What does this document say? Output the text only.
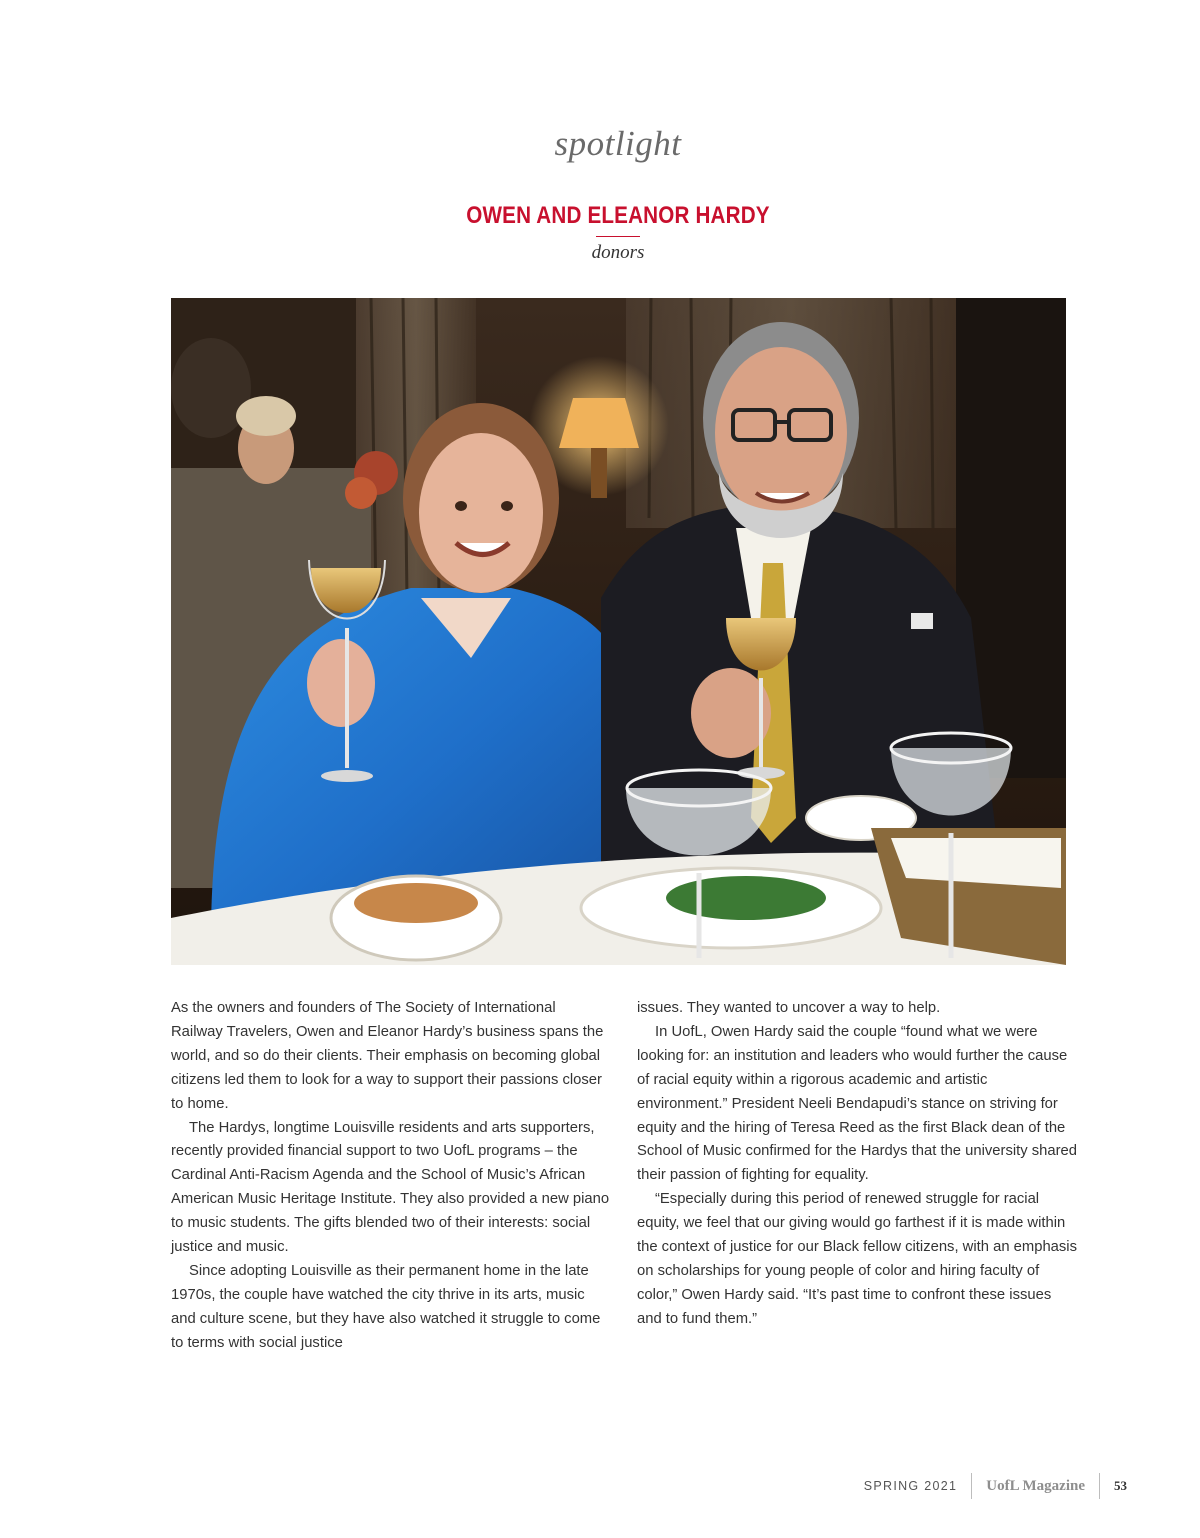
spotlight
OWEN AND ELEANOR HARDY
donors

As the owners and founders of The Society of International Railway Travelers, Owen and Eleanor Hardy’s business spans the world, and so do their clients. Their emphasis on becoming global citizens led them to look for a way to support their passions closer to home.

The Hardys, longtime Louisville residents and arts supporters, recently provided financial support to two UofL programs – the Cardinal Anti-Racism Agenda and the School of Music’s African American Music Heritage Institute. They also provided a new piano to music students. The gifts blended two of their interests: social justice and music.

Since adopting Louisville as their permanent home in the late 1970s, the couple have watched the city thrive in its arts, music and culture scene, but they have also watched it struggle to come to terms with social justice

issues. They wanted to uncover a way to help.

In UofL, Owen Hardy said the couple “found what we were looking for: an institution and leaders who would further the cause of racial equity within a rigorous academic and artistic environment.” President Neeli Bendapudi’s stance on striving for equity and the hiring of Teresa Reed as the first Black dean of the School of Music confirmed for the Hardys that the university shared their passion of fighting for equality.

“Especially during this period of renewed struggle for racial equity, we feel that our giving would go farthest if it is made within the context of justice for our Black fellow citizens, with an emphasis on scholarships for young people of color and hiring faculty of color,” Owen Hardy said. “It’s past time to confront these issues and to fund them.”

SPRING 2021	UofL Magazine	53
